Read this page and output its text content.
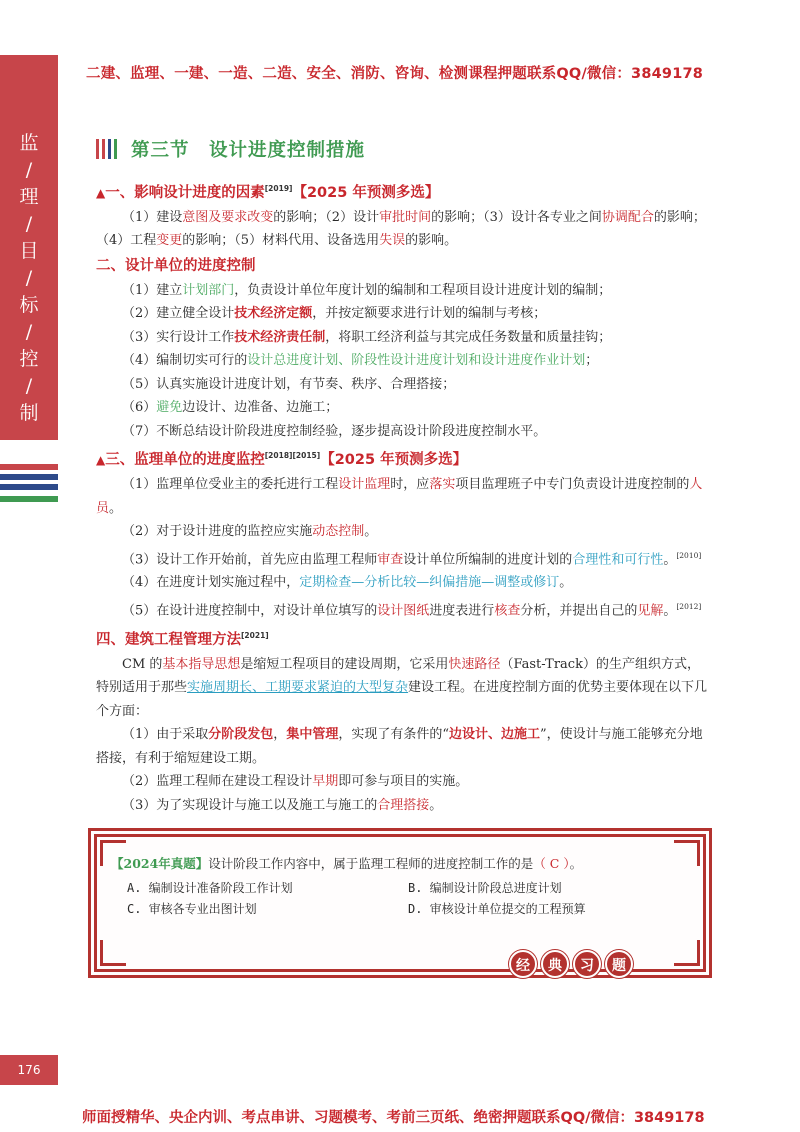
监
/
理
/
目
/
标
/
控
/
制
176
二建、监理、一建、一造、二造、安全、消防、咨询、检测课程押题联系QQ/微信：3849178
第三节　设计进度控制措施
▲一、影响设计进度的因素[2019]【2025 年预测多选】
（1）建设意图及要求改变的影响；（2）设计审批时间的影响；（3）设计各专业之间协调配合的影响；（4）工程变更的影响；（5）材料代用、设备选用失误的影响。
二、设计单位的进度控制
（1）建立计划部门，负责设计单位年度计划的编制和工程项目设计进度计划的编制；
（2）建立健全设计技术经济定额，并按定额要求进行计划的编制与考核；
（3）实行设计工作技术经济责任制，将职工经济利益与其完成任务数量和质量挂钩；
（4）编制切实可行的设计总进度计划、阶段性设计进度计划和设计进度作业计划；
（5）认真实施设计进度计划，有节奏、秩序、合理搭接；
（6）避免边设计、边准备、边施工；
（7）不断总结设计阶段进度控制经验，逐步提高设计阶段进度控制水平。
▲三、监理单位的进度监控[2018][2015]【2025 年预测多选】
（1）监理单位受业主的委托进行工程设计监理时，应落实项目监理班子中专门负责设计进度控制的人员。
（2）对于设计进度的监控应实施动态控制。
（3）设计工作开始前，首先应由监理工程师审查设计单位所编制的进度计划的合理性和可行性。[2010]
（4）在进度计划实施过程中，定期检查—分析比较—纠偏措施—调整或修订。
（5）在设计进度控制中，对设计单位填写的设计图纸进度表进行核查分析，并提出自己的见解。[2012]
四、建筑工程管理方法[2021]
CM 的基本指导思想是缩短工程项目的建设周期，它采用快速路径（Fast-Track）的生产组织方式，特别适用于那些实施周期长、工期要求紧迫的大型复杂建设工程。在进度控制方面的优势主要体现在以下几个方面：
（1）由于采取分阶段发包，集中管理，实现了有条件的“边设计、边施工”，使设计与施工能够充分地搭接，有利于缩短建设工期。
（2）监理工程师在建设工程设计早期即可参与项目的实施。
（3）为了实现设计与施工以及施工与施工的合理搭接。
【2024年真题】设计阶段工作内容中，属于监理工程师的进度控制工作的是（ C ）。
A. 编制设计准备阶段工作计划	B. 编制设计阶段总进度计划
C. 审核各专业出图计划	D. 审核设计单位提交的工程预算
经	典	习	题
师面授精华、央企内训、考点串讲、习题模考、考前三页纸、绝密押题联系QQ/微信：3849178
